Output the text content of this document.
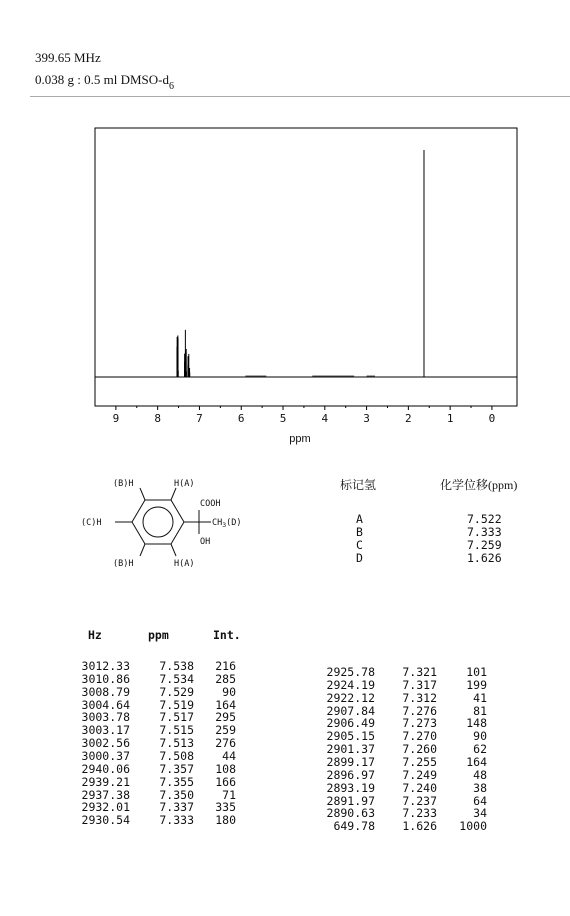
399.65 MHz
0.038 g : 0.5 ml DMSO-$d_6$
9	8	7	6	5	4	3	2	1	0
ppm
(B)H	H(A)
(C)H
(B)H	H(A)
COOH
$CH_3(D)$
OH
标记氢	化学位移(ppm)
A	7.522
B	7.333
C	7.259
D	1.626
Hz	ppm	Int.
3012.33	7.538 216
3010.86	7.534 285
3008.79	7.529 90
3004.64	7.519 164
3003.78	7.517 295
3003.17	7.515 259
3002.56	7.513 276
3000.37	7.508 44
2940.06	7.357 108
2939.21	7.355 166
2937.38	7.350 71
2932.01	7.337 335
2930.54	7.333 180
2925.78 7.321	101
2924.19 7.317	199
2922.12 7.312	41
2907.84 7.276	81
2906.49 7.273	148
2905.15 7.270	90
2901.37 7.260	62
2899.17 7.255	164
2896.97 7.249	48
2893.19 7.240	38
2891.97 7.237	64
2890.63 7.233	34
649.78 1.626 1000
